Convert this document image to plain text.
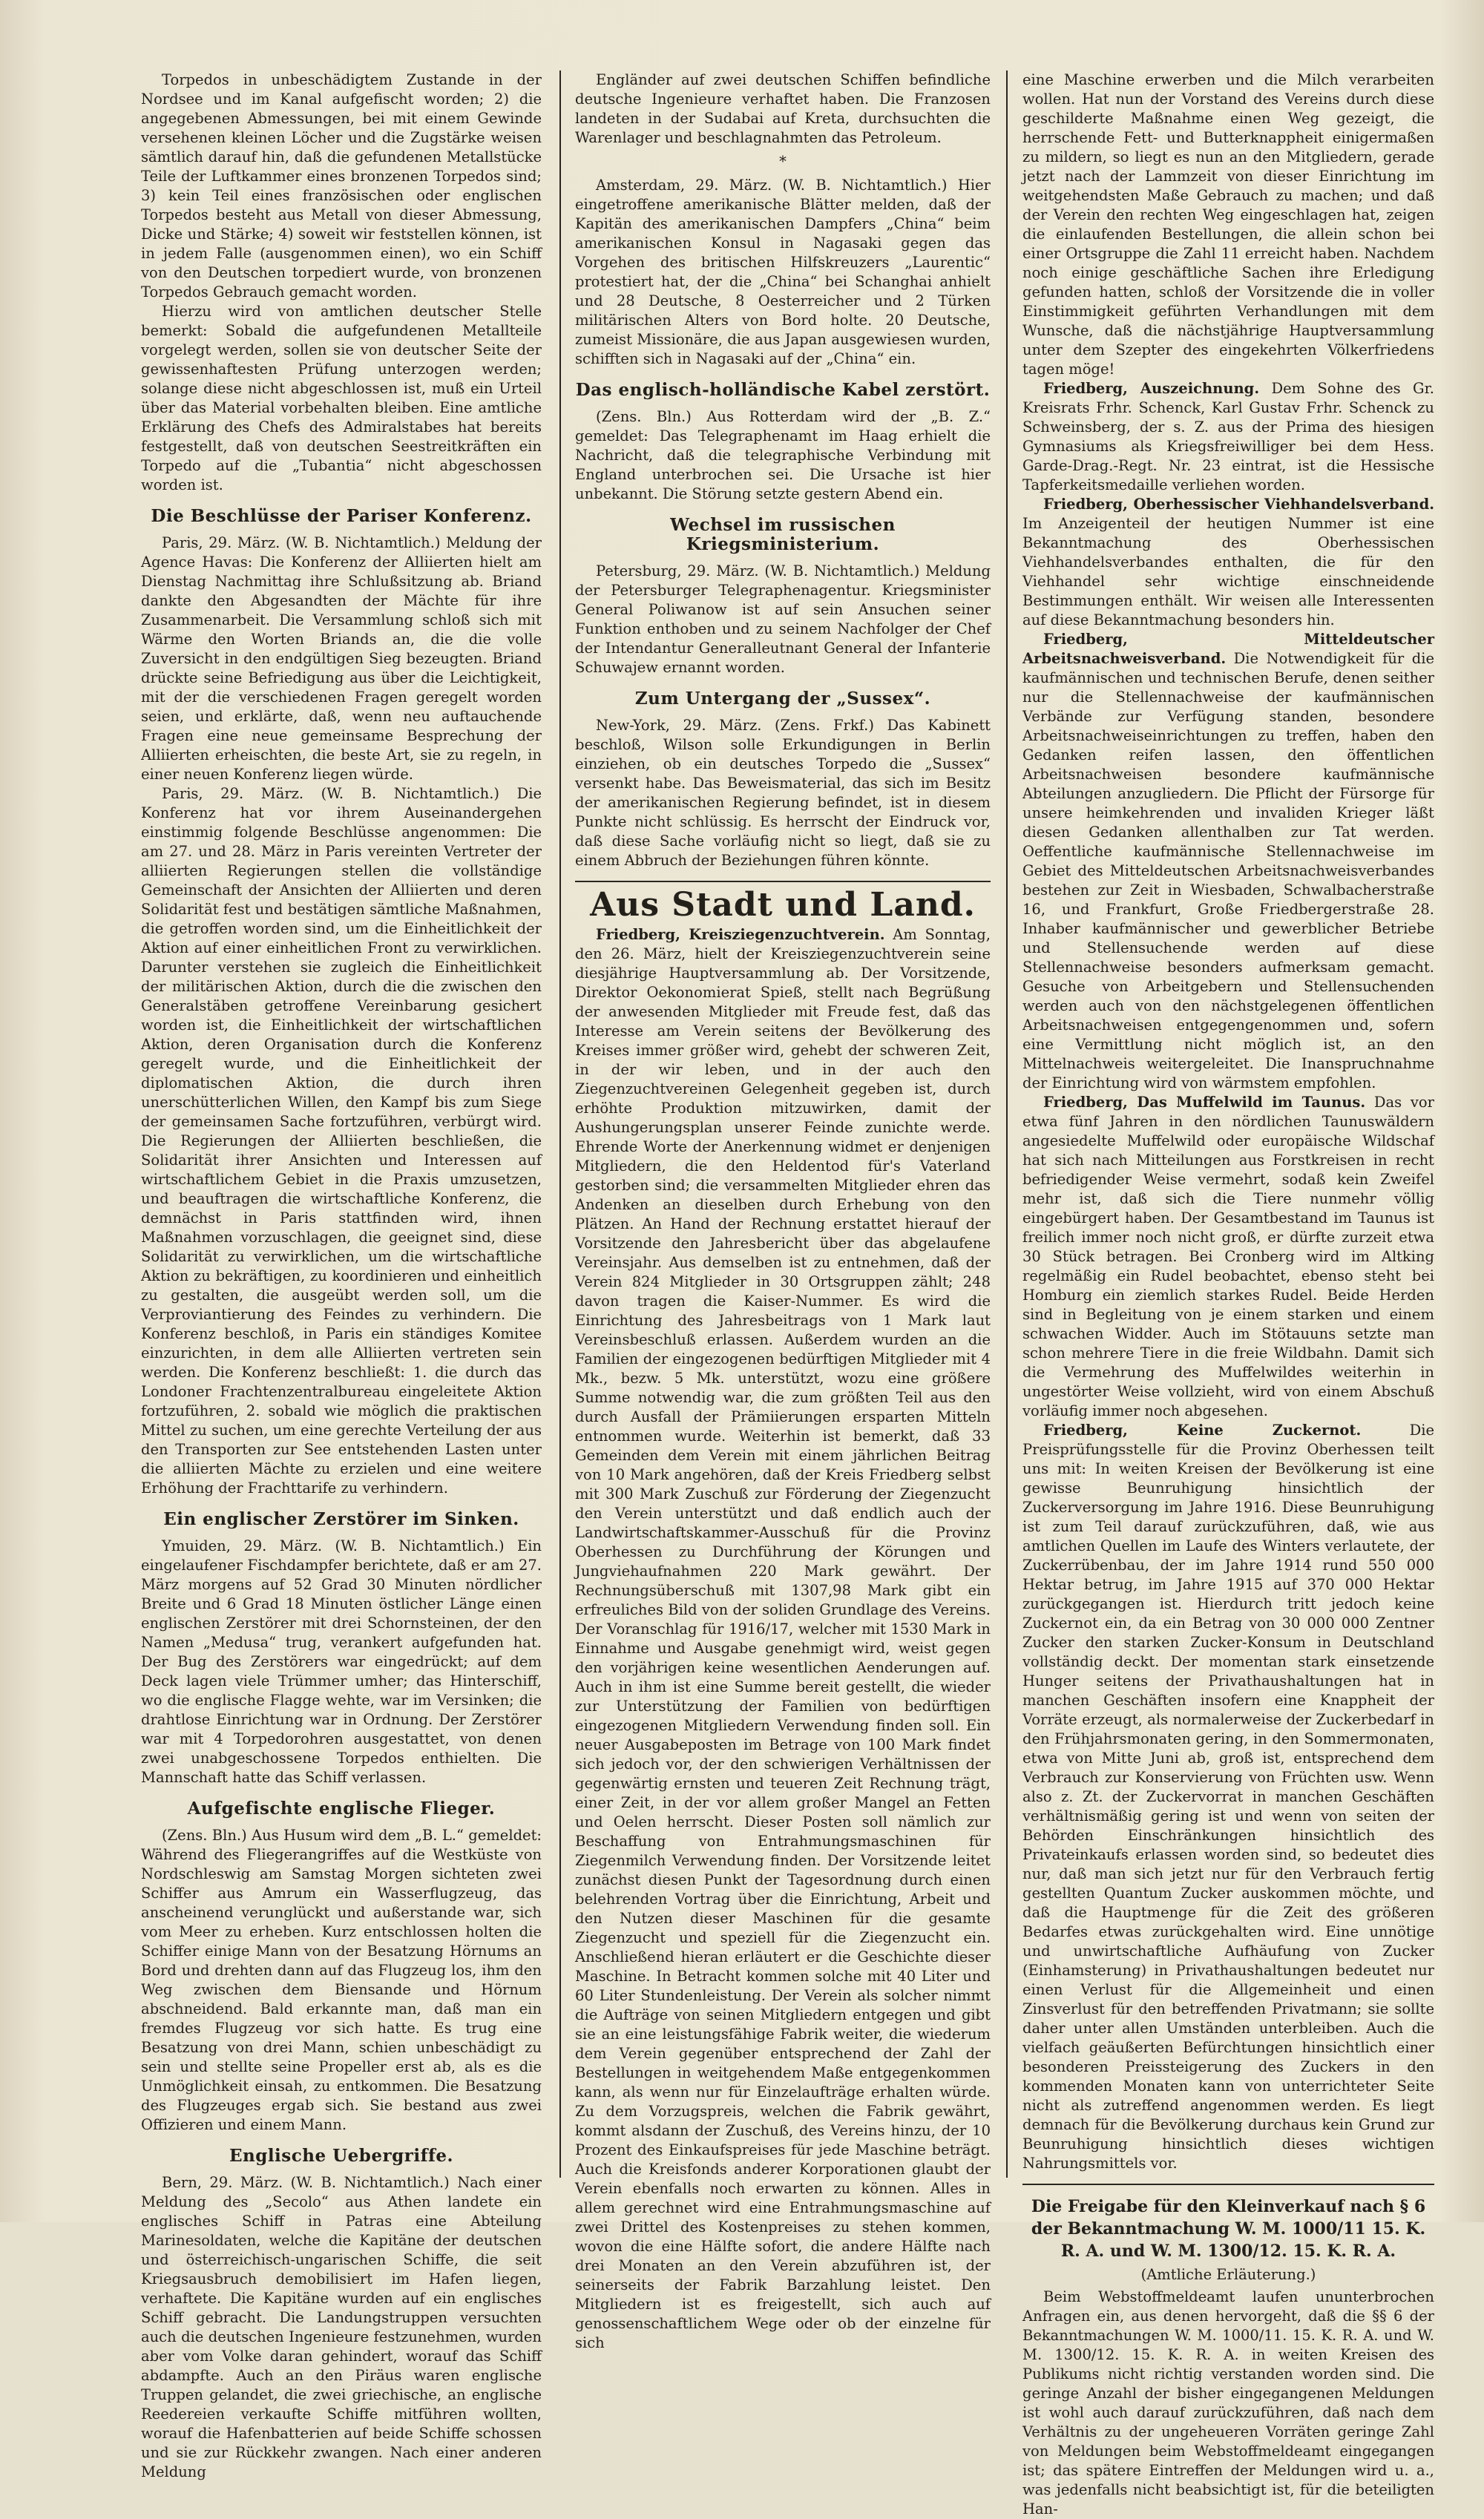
Torpedos in unbeschädigtem Zustande in der Nordsee und im Kanal aufgefischt worden; 2) die angegebenen Abmessungen, bei mit einem Gewinde versehenen kleinen Löcher und die Zugstärke weisen sämtlich darauf hin, daß die gefundenen Metallstücke Teile der Luftkammer eines bronzenen Torpedos sind; 3) kein Teil eines französischen oder englischen Torpedos besteht aus Metall von dieser Abmessung, Dicke und Stärke; 4) soweit wir feststellen können, ist in jedem Falle (ausgenommen einen), wo ein Schiff von den Deutschen torpediert wurde, von bronzenen Torpedos Gebrauch gemacht worden.

Hierzu wird von amtlichen deutscher Stelle bemerkt: Sobald die aufgefundenen Metallteile vorgelegt werden, sollen sie von deutscher Seite der gewissenhaftesten Prüfung unterzogen werden; solange diese nicht abgeschlossen ist, muß ein Urteil über das Material vorbehalten bleiben. Eine amtliche Erklärung des Chefs des Admiralstabes hat bereits festgestellt, daß von deutschen Seestreitkräften ein Torpedo auf die „Tubantia“ nicht abgeschossen worden ist.

Die Beschlüsse der Pariser Konferenz.

Paris, 29. März. (W. B. Nichtamtlich.) Meldung der Agence Havas: Die Konferenz der Alliierten hielt am Dienstag Nachmittag ihre Schlußsitzung ab. Briand dankte den Abgesandten der Mächte für ihre Zusammenarbeit. Die Versammlung schloß sich mit Wärme den Worten Briands an, die die volle Zuversicht in den endgültigen Sieg bezeugten. Briand drückte seine Befriedigung aus über die Leichtigkeit, mit der die verschiedenen Fragen geregelt worden seien, und erklärte, daß, wenn neu auftauchende Fragen eine neue gemeinsame Besprechung der Alliierten erheischten, die beste Art, sie zu regeln, in einer neuen Konferenz liegen würde.

Paris, 29. März. (W. B. Nichtamtlich.) Die Konferenz hat vor ihrem Auseinandergehen einstimmig folgende Beschlüsse angenommen: Die am 27. und 28. März in Paris vereinten Vertreter der alliierten Regierungen stellen die vollständige Gemeinschaft der Ansichten der Alliierten und deren Solidarität fest und bestätigen sämtliche Maßnahmen, die getroffen worden sind, um die Einheitlichkeit der Aktion auf einer einheitlichen Front zu verwirklichen. Darunter verstehen sie zugleich die Einheitlichkeit der militärischen Aktion, durch die die zwischen den Generalstäben getroffene Vereinbarung gesichert worden ist, die Einheitlichkeit der wirtschaftlichen Aktion, deren Organisation durch die Konferenz geregelt wurde, und die Einheitlichkeit der diplomatischen Aktion, die durch ihren unerschütterlichen Willen, den Kampf bis zum Siege der gemeinsamen Sache fortzuführen, verbürgt wird. Die Regierungen der Alliierten beschließen, die Solidarität ihrer Ansichten und Interessen auf wirtschaftlichem Gebiet in die Praxis umzusetzen, und beauftragen die wirtschaftliche Konferenz, die demnächst in Paris stattfinden wird, ihnen Maßnahmen vorzuschlagen, die geeignet sind, diese Solidarität zu verwirklichen, um die wirtschaftliche Aktion zu bekräftigen, zu koordinieren und einheitlich zu gestalten, die ausgeübt werden soll, um die Verproviantierung des Feindes zu verhindern. Die Konferenz beschloß, in Paris ein ständiges Komitee einzurichten, in dem alle Alliierten vertreten sein werden. Die Konferenz beschließt: 1. die durch das Londoner Frachtenzentralbureau eingeleitete Aktion fortzuführen, 2. sobald wie möglich die praktischen Mittel zu suchen, um eine gerechte Verteilung der aus den Transporten zur See entstehenden Lasten unter die alliierten Mächte zu erzielen und eine weitere Erhöhung der Frachttarife zu verhindern.

Ein englischer Zerstörer im Sinken.

Ymuiden, 29. März. (W. B. Nichtamtlich.) Ein eingelaufener Fischdampfer berichtete, daß er am 27. März morgens auf 52 Grad 30 Minuten nördlicher Breite und 6 Grad 18 Minuten östlicher Länge einen englischen Zerstörer mit drei Schornsteinen, der den Namen „Medusa“ trug, verankert aufgefunden hat. Der Bug des Zerstörers war eingedrückt; auf dem Deck lagen viele Trümmer umher; das Hinterschiff, wo die englische Flagge wehte, war im Versinken; die drahtlose Einrichtung war in Ordnung. Der Zerstörer war mit 4 Torpedorohren ausgestattet, von denen zwei unabgeschossene Torpedos enthielten. Die Mannschaft hatte das Schiff verlassen.

Aufgefischte englische Flieger.

(Zens. Bln.) Aus Husum wird dem „B. L.“ gemeldet: Während des Fliegerangriffes auf die Westküste von Nordschleswig am Samstag Morgen sichteten zwei Schiffer aus Amrum ein Wasserflugzeug, das anscheinend verunglückt und außerstande war, sich vom Meer zu erheben. Kurz entschlossen holten die Schiffer einige Mann von der Besatzung Hörnums an Bord und drehten dann auf das Flugzeug los, ihm den Weg zwischen dem Biensande und Hörnum abschneidend. Bald erkannte man, daß man ein fremdes Flugzeug vor sich hatte. Es trug eine Besatzung von drei Mann, schien unbeschädigt zu sein und stellte seine Propeller erst ab, als es die Unmöglichkeit einsah, zu entkommen. Die Besatzung des Flugzeuges ergab sich. Sie bestand aus zwei Offizieren und einem Mann.

Englische Uebergriffe.

Bern, 29. März. (W. B. Nichtamtlich.) Nach einer Meldung des „Secolo“ aus Athen landete ein englisches Schiff in Patras eine Abteilung Marinesoldaten, welche die Kapitäne der deutschen und österreichisch-ungarischen Schiffe, die seit Kriegsausbruch demobilisiert im Hafen liegen, verhaftete. Die Kapitäne wurden auf ein englisches Schiff gebracht. Die Landungstruppen versuchten auch die deutschen Ingenieure festzunehmen, wurden aber vom Volke daran gehindert, worauf das Schiff abdampfte. Auch an den Piräus waren englische Truppen gelandet, die zwei griechische, an englische Reedereien verkaufte Schiffe mitführen wollten, worauf die Hafenbatterien auf beide Schiffe schossen und sie zur Rückkehr zwangen. Nach einer anderen Meldung

Engländer auf zwei deutschen Schiffen befindliche deutsche Ingenieure verhaftet haben. Die Franzosen landeten in der Sudabai auf Kreta, durchsuchten die Warenlager und beschlagnahmten das Petroleum.

*

Amsterdam, 29. März. (W. B. Nichtamtlich.) Hier eingetroffene amerikanische Blätter melden, daß der Kapitän des amerikanischen Dampfers „China“ beim amerikanischen Konsul in Nagasaki gegen das Vorgehen des britischen Hilfskreuzers „Laurentic“ protestiert hat, der die „China“ bei Schanghai anhielt und 28 Deutsche, 8 Oesterreicher und 2 Türken militärischen Alters von Bord holte. 20 Deutsche, zumeist Missionäre, die aus Japan ausgewiesen wurden, schifften sich in Nagasaki auf der „China“ ein.

Das englisch-holländische Kabel zerstört.

(Zens. Bln.) Aus Rotterdam wird der „B. Z.“ gemeldet: Das Telegraphenamt im Haag erhielt die Nachricht, daß die telegraphische Verbindung mit England unterbrochen sei. Die Ursache ist hier unbekannt. Die Störung setzte gestern Abend ein.

Wechsel im russischen Kriegsministerium.

Petersburg, 29. März. (W. B. Nichtamtlich.) Meldung der Petersburger Telegraphenagentur. Kriegsminister General Poliwanow ist auf sein Ansuchen seiner Funktion enthoben und zu seinem Nachfolger der Chef der Intendantur Generalleutnant General der Infanterie Schuwajew ernannt worden.

Zum Untergang der „Sussex“.

New-York, 29. März. (Zens. Frkf.) Das Kabinett beschloß, Wilson solle Erkundigungen in Berlin einziehen, ob ein deutsches Torpedo die „Sussex“ versenkt habe. Das Beweismaterial, das sich im Besitz der amerikanischen Regierung befindet, ist in diesem Punkte nicht schlüssig. Es herrscht der Eindruck vor, daß diese Sache vorläufig nicht so liegt, daß sie zu einem Abbruch der Beziehungen führen könnte.

Aus Stadt und Land.

Friedberg, Kreisziegenzuchtverein. Am Sonntag, den 26. März, hielt der Kreisziegenzuchtverein seine diesjährige Hauptversammlung ab. Der Vorsitzende, Direktor Oekonomierat Spieß, stellt nach Begrüßung der anwesenden Mitglieder mit Freude fest, daß das Interesse am Verein seitens der Bevölkerung des Kreises immer größer wird, gehebt der schweren Zeit, in der wir leben, und in der auch den Ziegenzuchtvereinen Gelegenheit gegeben ist, durch erhöhte Produktion mitzuwirken, damit der Aushungerungsplan unserer Feinde zunichte werde. Ehrende Worte der Anerkennung widmet er denjenigen Mitgliedern, die den Heldentod für's Vaterland gestorben sind; die versammelten Mitglieder ehren das Andenken an dieselben durch Erhebung von den Plätzen. An Hand der Rechnung erstattet hierauf der Vorsitzende den Jahresbericht über das abgelaufene Vereinsjahr. Aus demselben ist zu entnehmen, daß der Verein 824 Mitglieder in 30 Ortsgruppen zählt; 248 davon tragen die Kaiser-Nummer. Es wird die Einrichtung des Jahresbeitrags von 1 Mark laut Vereinsbeschluß erlassen. Außerdem wurden an die Familien der eingezogenen bedürftigen Mitglieder mit 4 Mk., bezw. 5 Mk. unterstützt, wozu eine größere Summe notwendig war, die zum größten Teil aus den durch Ausfall der Prämiierungen ersparten Mitteln entnommen wurde. Weiterhin ist bemerkt, daß 33 Gemeinden dem Verein mit einem jährlichen Beitrag von 10 Mark angehören, daß der Kreis Friedberg selbst mit 300 Mark Zuschuß zur Förderung der Ziegenzucht den Verein unterstützt und daß endlich auch der Landwirtschaftskammer-Ausschuß für die Provinz Oberhessen zu Durchführung der Körungen und Jungviehaufnahmen 220 Mark gewährt. Der Rechnungsüberschuß mit 1307,98 Mark gibt ein erfreuliches Bild von der soliden Grundlage des Vereins. Der Voranschlag für 1916/17, welcher mit 1530 Mark in Einnahme und Ausgabe genehmigt wird, weist gegen den vorjährigen keine wesentlichen Aenderungen auf. Auch in ihm ist eine Summe bereit gestellt, die wieder zur Unterstützung der Familien von bedürftigen eingezogenen Mitgliedern Verwendung finden soll. Ein neuer Ausgabeposten im Betrage von 100 Mark findet sich jedoch vor, der den schwierigen Verhältnissen der gegenwärtig ernsten und teueren Zeit Rechnung trägt, einer Zeit, in der vor allem großer Mangel an Fetten und Oelen herrscht. Dieser Posten soll nämlich zur Beschaffung von Entrahmungsmaschinen für Ziegenmilch Verwendung finden. Der Vorsitzende leitet zunächst diesen Punkt der Tagesordnung durch einen belehrenden Vortrag über die Einrichtung, Arbeit und den Nutzen dieser Maschinen für die gesamte Ziegenzucht und speziell für die Ziegenzucht ein. Anschließend hieran erläutert er die Geschichte dieser Maschine. In Betracht kommen solche mit 40 Liter und 60 Liter Stundenleistung. Der Verein als solcher nimmt die Aufträge von seinen Mitgliedern entgegen und gibt sie an eine leistungsfähige Fabrik weiter, die wiederum dem Verein gegenüber entsprechend der Zahl der Bestellungen in weitgehendem Maße entgegenkommen kann, als wenn nur für Einzelaufträge erhalten würde. Zu dem Vorzugspreis, welchen die Fabrik gewährt, kommt alsdann der Zuschuß, des Vereins hinzu, der 10 Prozent des Einkaufspreises für jede Maschine beträgt. Auch die Kreisfonds anderer Korporationen glaubt der Verein ebenfalls noch erwarten zu können. Alles in allem gerechnet wird eine Entrahmungsmaschine auf zwei Drittel des Kostenpreises zu stehen kommen, wovon die eine Hälfte sofort, die andere Hälfte nach drei Monaten an den Verein abzuführen ist, der seinerseits der Fabrik Barzahlung leistet. Den Mitgliedern ist es freigestellt, sich auch auf genossenschaftlichem Wege oder ob der einzelne für sich

eine Maschine erwerben und die Milch verarbeiten wollen. Hat nun der Vorstand des Vereins durch diese geschilderte Maßnahme einen Weg gezeigt, die herrschende Fett- und Butterknappheit einigermaßen zu mildern, so liegt es nun an den Mitgliedern, gerade jetzt nach der Lammzeit von dieser Einrichtung im weitgehendsten Maße Gebrauch zu machen; und daß der Verein den rechten Weg eingeschlagen hat, zeigen die einlaufenden Bestellungen, die allein schon bei einer Ortsgruppe die Zahl 11 erreicht haben. Nachdem noch einige geschäftliche Sachen ihre Erledigung gefunden hatten, schloß der Vorsitzende die in voller Einstimmigkeit geführten Verhandlungen mit dem Wunsche, daß die nächstjährige Hauptversammlung unter dem Szepter des eingekehrten Völkerfriedens tagen möge!

Friedberg, Auszeichnung. Dem Sohne des Gr. Kreisrats Frhr. Schenck, Karl Gustav Frhr. Schenck zu Schweinsberg, der s. Z. aus der Prima des hiesigen Gymnasiums als Kriegsfreiwilliger bei dem Hess. Garde-Drag.-Regt. Nr. 23 eintrat, ist die Hessische Tapferkeitsmedaille verliehen worden.

Friedberg, Oberhessischer Viehhandelsverband. Im Anzeigenteil der heutigen Nummer ist eine Bekanntmachung des Oberhessischen Viehhandelsverbandes enthalten, die für den Viehhandel sehr wichtige einschneidende Bestimmungen enthält. Wir weisen alle Interessenten auf diese Bekanntmachung besonders hin.

Friedberg, Mitteldeutscher Arbeitsnachweisverband. Die Notwendigkeit für die kaufmännischen und technischen Berufe, denen seither nur die Stellennachweise der kaufmännischen Verbände zur Verfügung standen, besondere Arbeitsnachweiseinrichtungen zu treffen, haben den Gedanken reifen lassen, den öffentlichen Arbeitsnachweisen besondere kaufmännische Abteilungen anzugliedern. Die Pflicht der Fürsorge für unsere heimkehrenden und invaliden Krieger läßt diesen Gedanken allenthalben zur Tat werden. Oeffentliche kaufmännische Stellennachweise im Gebiet des Mitteldeutschen Arbeitsnachweisverbandes bestehen zur Zeit in Wiesbaden, Schwalbacherstraße 16, und Frankfurt, Große Friedbergerstraße 28. Inhaber kaufmännischer und gewerblicher Betriebe und Stellensuchende werden auf diese Stellennachweise besonders aufmerksam gemacht. Gesuche von Arbeitgebern und Stellensuchenden werden auch von den nächstgelegenen öffentlichen Arbeitsnachweisen entgegengenommen und, sofern eine Vermittlung nicht möglich ist, an den Mittelnachweis weitergeleitet. Die Inanspruchnahme der Einrichtung wird von wärmstem empfohlen.

Friedberg, Das Muffelwild im Taunus. Das vor etwa fünf Jahren in den nördlichen Taunuswäldern angesiedelte Muffelwild oder europäische Wildschaf hat sich nach Mitteilungen aus Forstkreisen in recht befriedigender Weise vermehrt, sodaß kein Zweifel mehr ist, daß sich die Tiere nunmehr völlig eingebürgert haben. Der Gesamtbestand im Taunus ist freilich immer noch nicht groß, er dürfte zurzeit etwa 30 Stück betragen. Bei Cronberg wird im Altking regelmäßig ein Rudel beobachtet, ebenso steht bei Homburg ein ziemlich starkes Rudel. Beide Herden sind in Begleitung von je einem starken und einem schwachen Widder. Auch im Stötauuns setzte man schon mehrere Tiere in die freie Wildbahn. Damit sich die Vermehrung des Muffelwildes weiterhin in ungestörter Weise vollzieht, wird von einem Abschuß vorläufig immer noch abgesehen.

Friedberg, Keine Zuckernot. Die Preisprüfungsstelle für die Provinz Oberhessen teilt uns mit: In weiten Kreisen der Bevölkerung ist eine gewisse Beunruhigung hinsichtlich der Zuckerversorgung im Jahre 1916. Diese Beunruhigung ist zum Teil darauf zurückzuführen, daß, wie aus amtlichen Quellen im Laufe des Winters verlautete, der Zuckerrübenbau, der im Jahre 1914 rund 550 000 Hektar betrug, im Jahre 1915 auf 370 000 Hektar zurückgegangen ist. Hierdurch tritt jedoch keine Zuckernot ein, da ein Betrag von 30 000 000 Zentner Zucker den starken Zucker-Konsum in Deutschland vollständig deckt. Der momentan stark einsetzende Hunger seitens der Privathaushaltungen hat in manchen Geschäften insofern eine Knappheit der Vorräte erzeugt, als normalerweise der Zuckerbedarf in den Frühjahrsmonaten gering, in den Sommermonaten, etwa von Mitte Juni ab, groß ist, entsprechend dem Verbrauch zur Konservierung von Früchten usw. Wenn also z. Zt. der Zuckervorrat in manchen Geschäften verhältnismäßig gering ist und wenn von seiten der Behörden Einschränkungen hinsichtlich des Privateinkaufs erlassen worden sind, so bedeutet dies nur, daß man sich jetzt nur für den Verbrauch fertig gestellten Quantum Zucker auskommen möchte, und daß die Hauptmenge für die Zeit des größeren Bedarfes etwas zurückgehalten wird. Eine unnötige und unwirtschaftliche Aufhäufung von Zucker (Einhamsterung) in Privathaushaltungen bedeutet nur einen Verlust für die Allgemeinheit und einen Zinsverlust für den betreffenden Privatmann; sie sollte daher unter allen Umständen unterbleiben. Auch die vielfach geäußerten Befürchtungen hinsichtlich einer besonderen Preissteigerung des Zuckers in den kommenden Monaten kann von unterrichteter Seite nicht als zutreffend angenommen werden. Es liegt demnach für die Bevölkerung durchaus kein Grund zur Beunruhigung hinsichtlich dieses wichtigen Nahrungsmittels vor.

Die Freigabe für den Kleinverkauf nach § 6 der Bekanntmachung W. M. 1000/11 15. K. R. A. und W. M. 1300/12. 15. K. R. A.
(Amtliche Erläuterung.)

Beim Webstoffmeldeamt laufen ununterbrochen Anfragen ein, aus denen hervorgeht, daß die §§ 6 der Bekanntmachungen W. M. 1000/11. 15. K. R. A. und W. M. 1300/12. 15. K. R. A. in weiten Kreisen des Publikums nicht richtig verstanden worden sind. Die geringe Anzahl der bisher eingegangenen Meldungen ist wohl auch darauf zurückzuführen, daß nach dem Verhältnis zu der ungeheueren Vorräten geringe Zahl von Meldungen beim Webstoffmeldeamt eingegangen ist; das spätere Eintreffen der Meldungen wird u. a., was jedenfalls nicht beabsichtigt ist, für die beteiligten Han-
